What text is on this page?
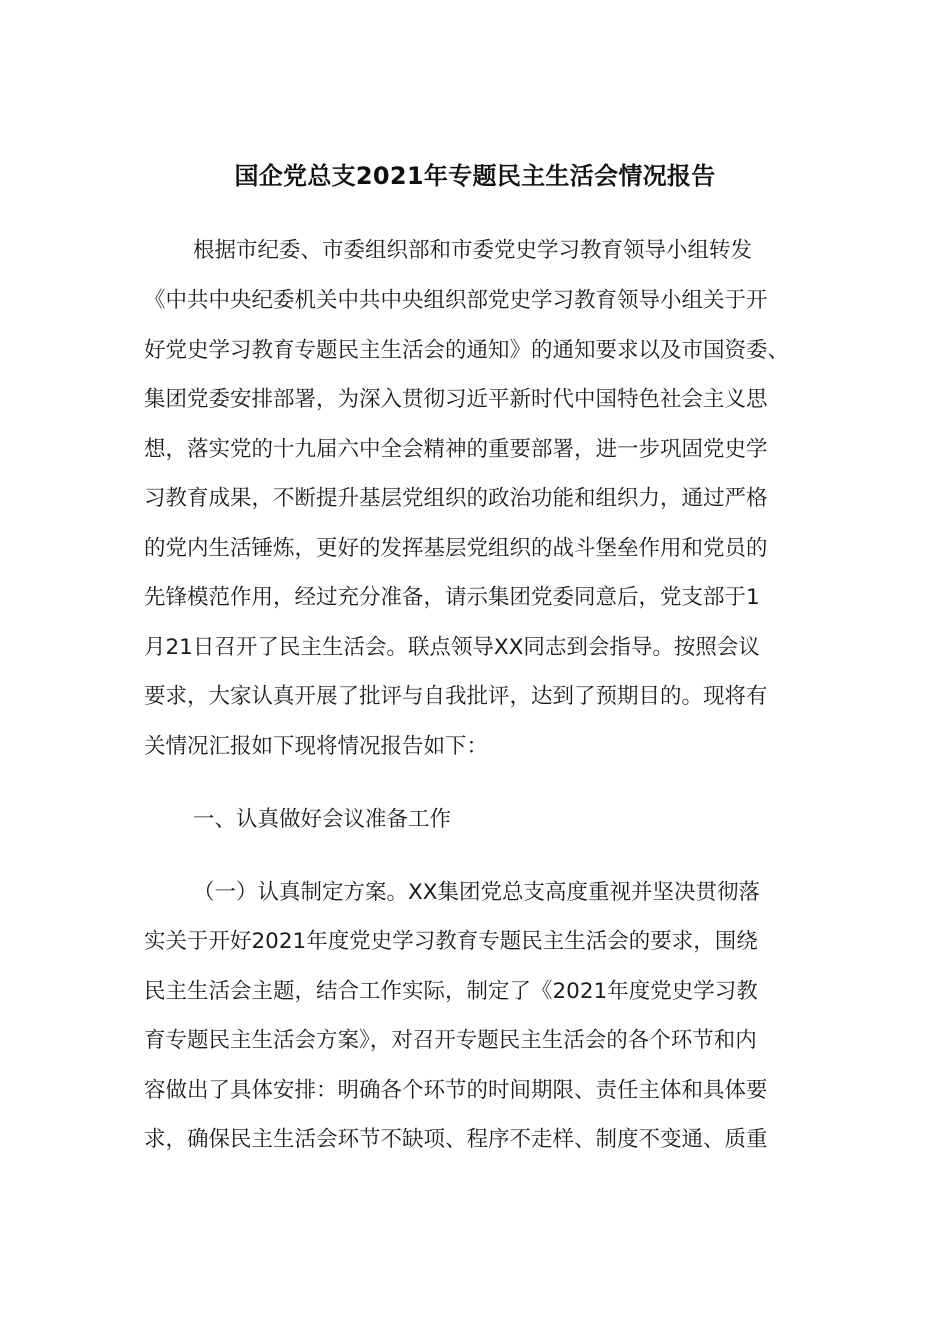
国企党总支2021年专题民主生活会情况报告
根据市纪委、市委组织部和市委党史学习教育领导小组转发
《中共中央纪委机关中共中央组织部党史学习教育领导小组关于开
好党史学习教育专题民主生活会的通知》的通知要求以及市国资委、
集团党委安排部署，为深入贯彻习近平新时代中国特色社会主义思
想，落实党的十九届六中全会精神的重要部署，进一步巩固党史学
习教育成果，不断提升基层党组织的政治功能和组织力，通过严格
的党内生活锤炼，更好的发挥基层党组织的战斗堡垒作用和党员的
先锋模范作用，经过充分准备，请示集团党委同意后，党支部于1
月21日召开了民主生活会。联点领导XX同志到会指导。按照会议
要求，大家认真开展了批评与自我批评，达到了预期目的。现将有
关情况汇报如下现将情况报告如下：
一、认真做好会议准备工作
（一）认真制定方案。XX集团党总支高度重视并坚决贯彻落
实关于开好2021年度党史学习教育专题民主生活会的要求，围绕
民主生活会主题，结合工作实际，制定了《2021年度党史学习教
育专题民主生活会方案》，对召开专题民主生活会的各个环节和内
容做出了具体安排：明确各个环节的时间期限、责任主体和具体要
求，确保民主生活会环节不缺项、程序不走样、制度不变通、质重
